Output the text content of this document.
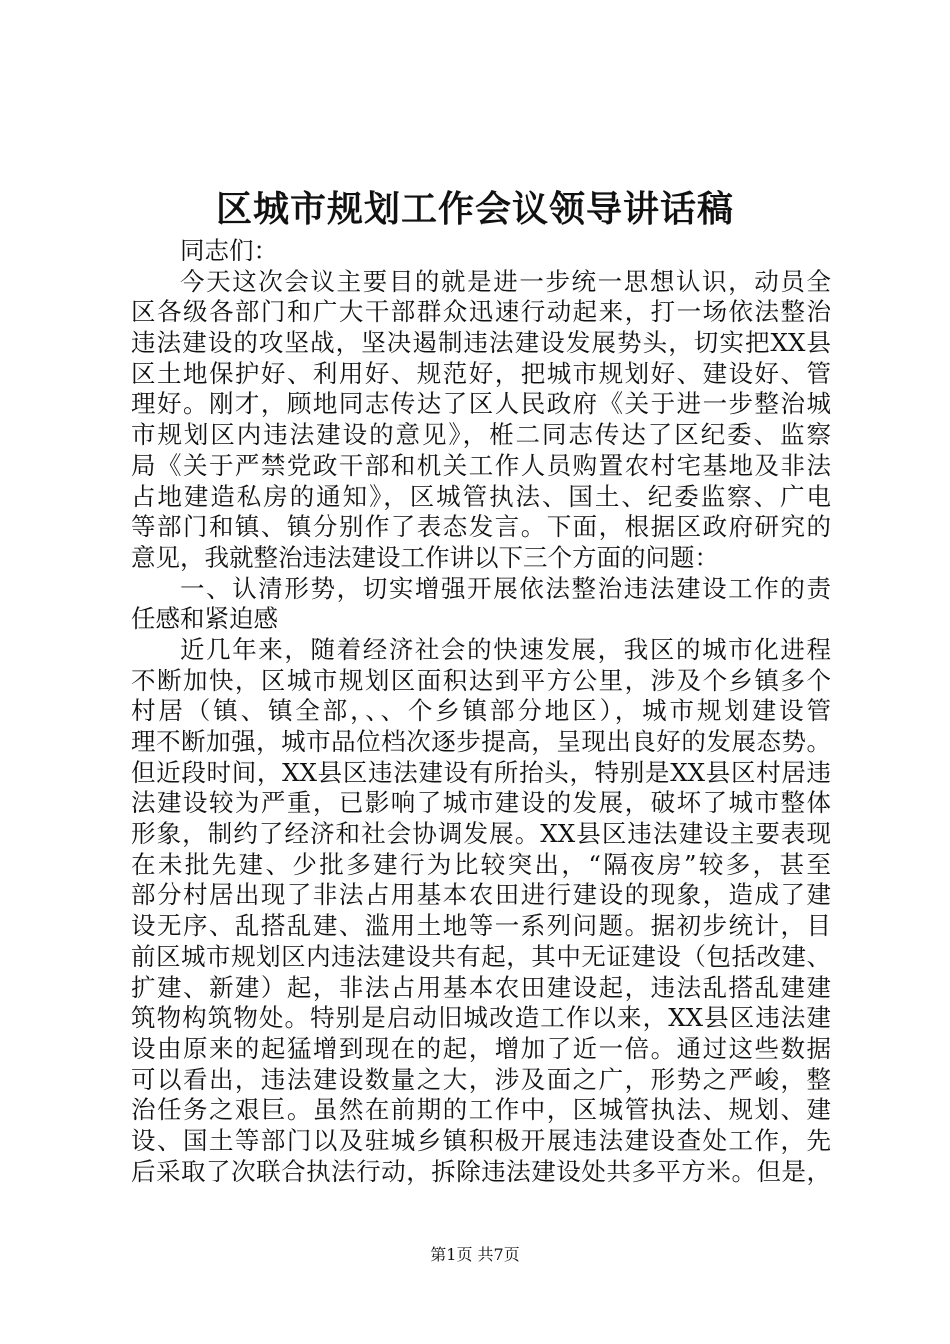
区城市规划工作会议领导讲话稿
同志们：
今天这次会议主要目的就是进一步统一思想认识，动员全
区各级各部门和广大干部群众迅速行动起来，打一场依法整治
违法建设的攻坚战，坚决遏制违法建设发展势头，切实把XX县
区土地保护好、利用好、规范好，把城市规划好、建设好、管
理好。刚才，顾地同志传达了区人民政府《关于进一步整治城
市规划区内违法建设的意见》，栣二同志传达了区纪委、监察
局《关于严禁党政干部和机关工作人员购置农村宅基地及非法
占地建造私房的通知》，区城管执法、国土、纪委监察、广电
等部门和镇、镇分别作了表态发言。下面，根据区政府研究的
意见，我就整治违法建设工作讲以下三个方面的问题：
一、认清形势，切实增强开展依法整治违法建设工作的责
任感和紧迫感
近几年来，随着经济社会的快速发展，我区的城市化进程
不断加快，区城市规划区面积达到平方公里，涉及个乡镇多个
村居（镇、镇全部，、、个乡镇部分地区），城市规划建设管
理不断加强，城市品位档次逐步提高，呈现出良好的发展态势。
但近段时间，XX县区违法建设有所抬头，特别是XX县区村居违
法建设较为严重，已影响了城市建设的发展，破坏了城市整体
形象，制约了经济和社会协调发展。XX县区违法建设主要表现
在未批先建、少批多建行为比较突出，“隔夜房”较多，甚至
部分村居出现了非法占用基本农田进行建设的现象，造成了建
设无序、乱搭乱建、滥用土地等一系列问题。据初步统计，目
前区城市规划区内违法建设共有起，其中无证建设（包括改建、
扩建、新建）起，非法占用基本农田建设起，违法乱搭乱建建
筑物构筑物处。特别是启动旧城改造工作以来，XX县区违法建
设由原来的起猛增到现在的起，增加了近一倍。通过这些数据
可以看出，违法建设数量之大，涉及面之广，形势之严峻，整
治任务之艰巨。虽然在前期的工作中，区城管执法、规划、建
设、国土等部门以及驻城乡镇积极开展违法建设查处工作，先
后采取了次联合执法行动，拆除违法建设处共多平方米。但是，
第1页 共7页
